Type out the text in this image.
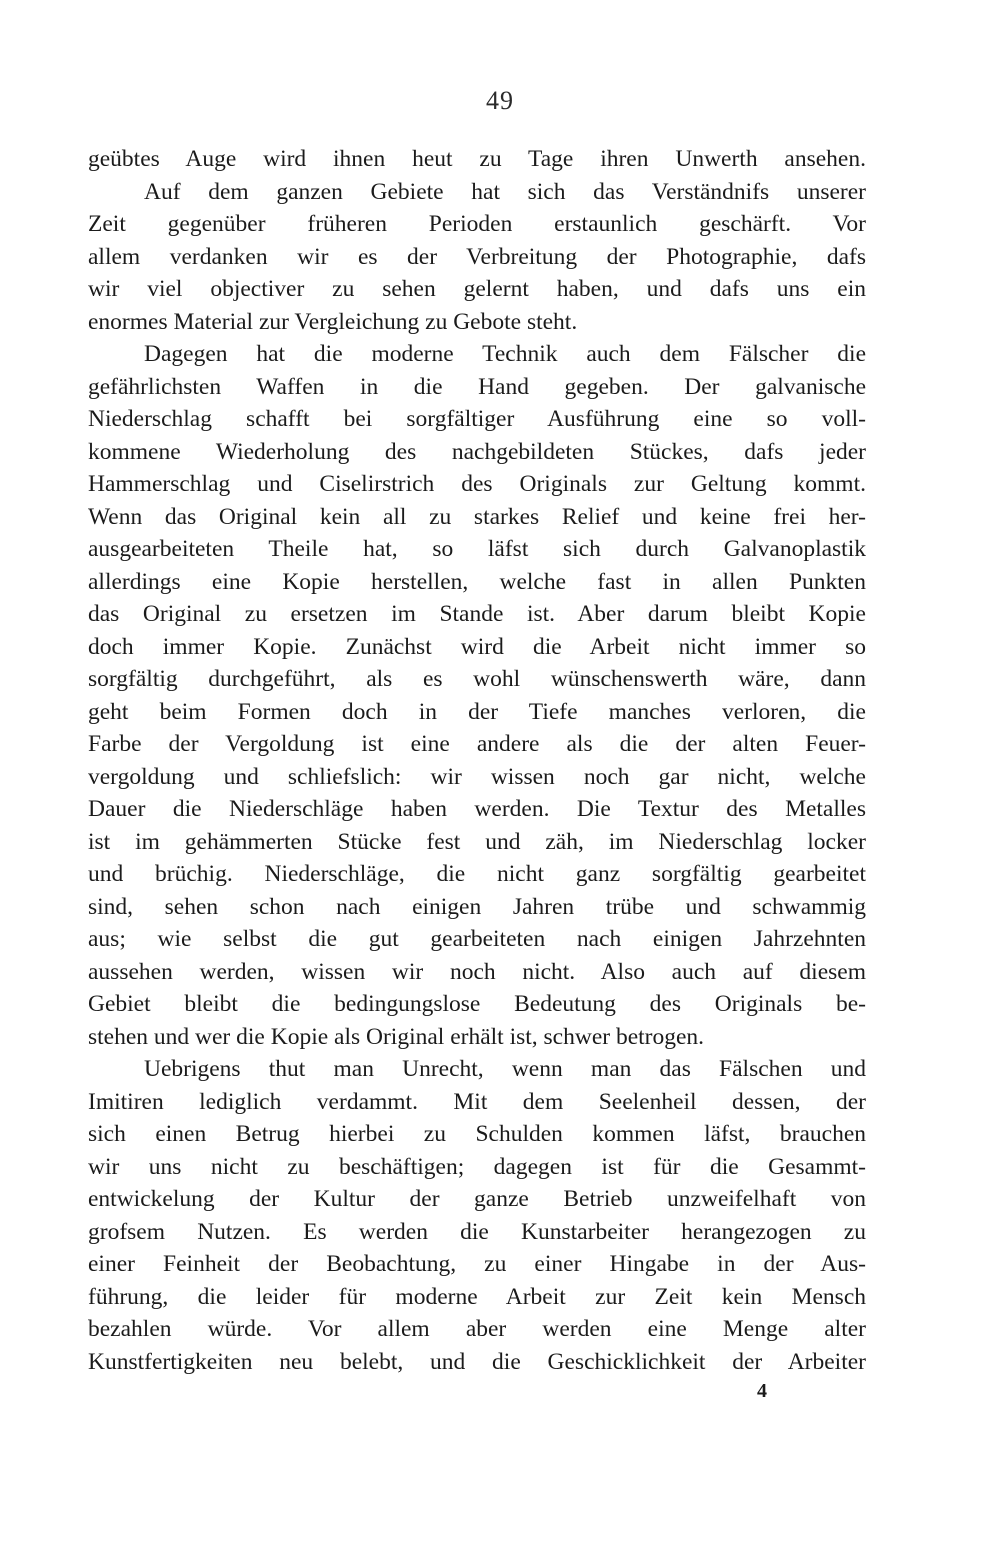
49
geübtes Auge wird ihnen heut zu Tage ihren Unwerth ansehen.
Auf dem ganzen Gebiete hat sich das Verständnifs unserer
Zeit gegenüber früheren Perioden erstaunlich geschärft. Vor
allem verdanken wir es der Verbreitung der Photographie, dafs
wir viel objectiver zu sehen gelernt haben, und dafs uns ein
enormes Material zur Vergleichung zu Gebote steht.
Dagegen hat die moderne Technik auch dem Fälscher die
gefährlichsten Waffen in die Hand gegeben. Der galvanische
Niederschlag schafft bei sorgfältiger Ausführung eine so voll-
kommene Wiederholung des nachgebildeten Stückes, dafs jeder
Hammerschlag und Ciselirstrich des Originals zur Geltung kommt.
Wenn das Original kein all zu starkes Relief und keine frei her-
ausgearbeiteten Theile hat, so läfst sich durch Galvanoplastik
allerdings eine Kopie herstellen, welche fast in allen Punkten
das Original zu ersetzen im Stande ist. Aber darum bleibt Kopie
doch immer Kopie. Zunächst wird die Arbeit nicht immer so
sorgfältig durchgeführt, als es wohl wünschenswerth wäre, dann
geht beim Formen doch in der Tiefe manches verloren, die
Farbe der Vergoldung ist eine andere als die der alten Feuer-
vergoldung und schliefslich: wir wissen noch gar nicht, welche
Dauer die Niederschläge haben werden. Die Textur des Metalles
ist im gehämmerten Stücke fest und zäh, im Niederschlag locker
und brüchig. Niederschläge, die nicht ganz sorgfältig gearbeitet
sind, sehen schon nach einigen Jahren trübe und schwammig
aus; wie selbst die gut gearbeiteten nach einigen Jahrzehnten
aussehen werden, wissen wir noch nicht. Also auch auf diesem
Gebiet bleibt die bedingungslose Bedeutung des Originals be-
stehen und wer die Kopie als Original erhält ist, schwer betrogen.
Uebrigens thut man Unrecht, wenn man das Fälschen und
Imitiren lediglich verdammt. Mit dem Seelenheil dessen, der
sich einen Betrug hierbei zu Schulden kommen läfst, brauchen
wir uns nicht zu beschäftigen; dagegen ist für die Gesammt-
entwickelung der Kultur der ganze Betrieb unzweifelhaft von
grofsem Nutzen. Es werden die Kunstarbeiter herangezogen zu
einer Feinheit der Beobachtung, zu einer Hingabe in der Aus-
führung, die leider für moderne Arbeit zur Zeit kein Mensch
bezahlen würde. Vor allem aber werden eine Menge alter
Kunstfertigkeiten neu belebt, und die Geschicklichkeit der Arbeiter
4
